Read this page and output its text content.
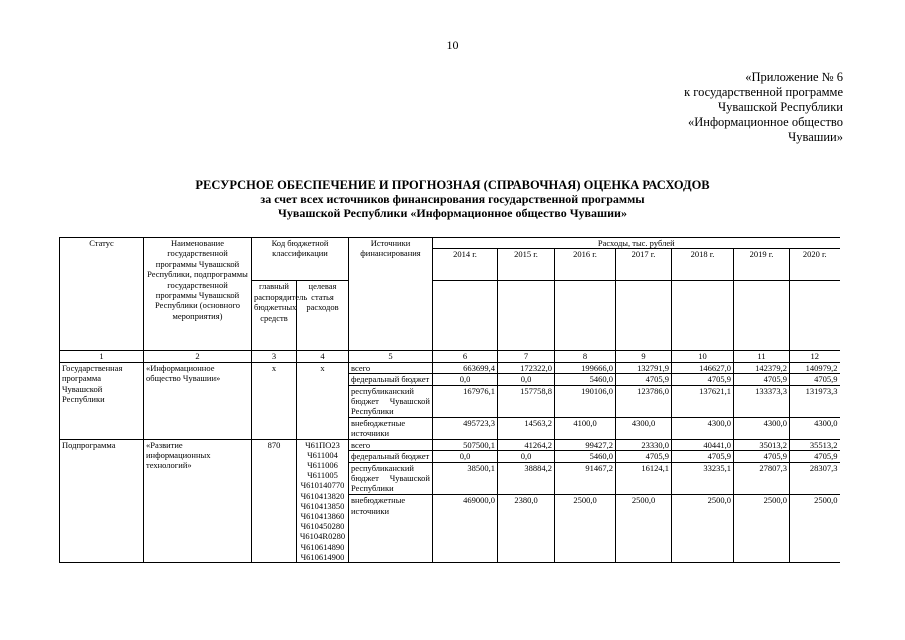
10
«Приложение № 6
к государственной программе
Чувашской Республики
«Информационное общество
Чувашии»
РЕСУРСНОЕ ОБЕСПЕЧЕНИЕ И ПРОГНОЗНАЯ (СПРАВОЧНАЯ) ОЦЕНКА РАСХОДОВ
за счет всех источников финансирования государственной программы
Чувашской Республики «Информационное общество Чувашии»
Статус	Наименование государственной программы Чувашской Республики, подпрограммы государственной программы Чувашской Республики (основного мероприятия)	Код бюджетной классификации		Источники финансирования	Расходы, тыс. рублей						
					2014 г.	2015 г.	2016 г.	2017 г.	2018 г.	2019 г.	2020 г.
		главный распорядитель бюджетных средств	целевая статья расходов								
1	2	3	4	5	6	7	8	9	10	11	12
Государственная программа Чувашской Республики	«Информационное общество Чувашии»	х	х	всего	663699,4	172322,0	199666,0	132791,9	146627,0	142379,2	140979,2
				федеральный бюджет	0,0	0,0	5460,0	4705,9	4705,9	4705,9	4705,9
				республиканский бюджет Чувашской Республики	167976,1	157758,8	190106,0	123786,0	137621,1	133373,3	131973,3
				внебюджетные источники	495723,3	14563,2	4100,0	4300,0	4300,0	4300,0	4300,0
Подпрограмма	«Развитие информационных технологий»	870	Ч61ПО23 Ч611004 Ч611006 Ч611005 Ч610140770 Ч610413820 Ч610413850 Ч610413860 Ч610450280 Ч6104R0280 Ч610614890 Ч610614900	всего	507500,1	41264,2	99427,2	23330,0	40441,0	35013,2	35513,2
				федеральный бюджет	0,0	0,0	5460,0	4705,9	4705,9	4705,9	4705,9
				республиканский бюджет Чувашской Республики	38500,1	38884,2	91467,2	16124,1	33235,1	27807,3	28307,3
				внебюджетные источники	469000,0	2380,0	2500,0	2500,0	2500,0	2500,0	2500,0
